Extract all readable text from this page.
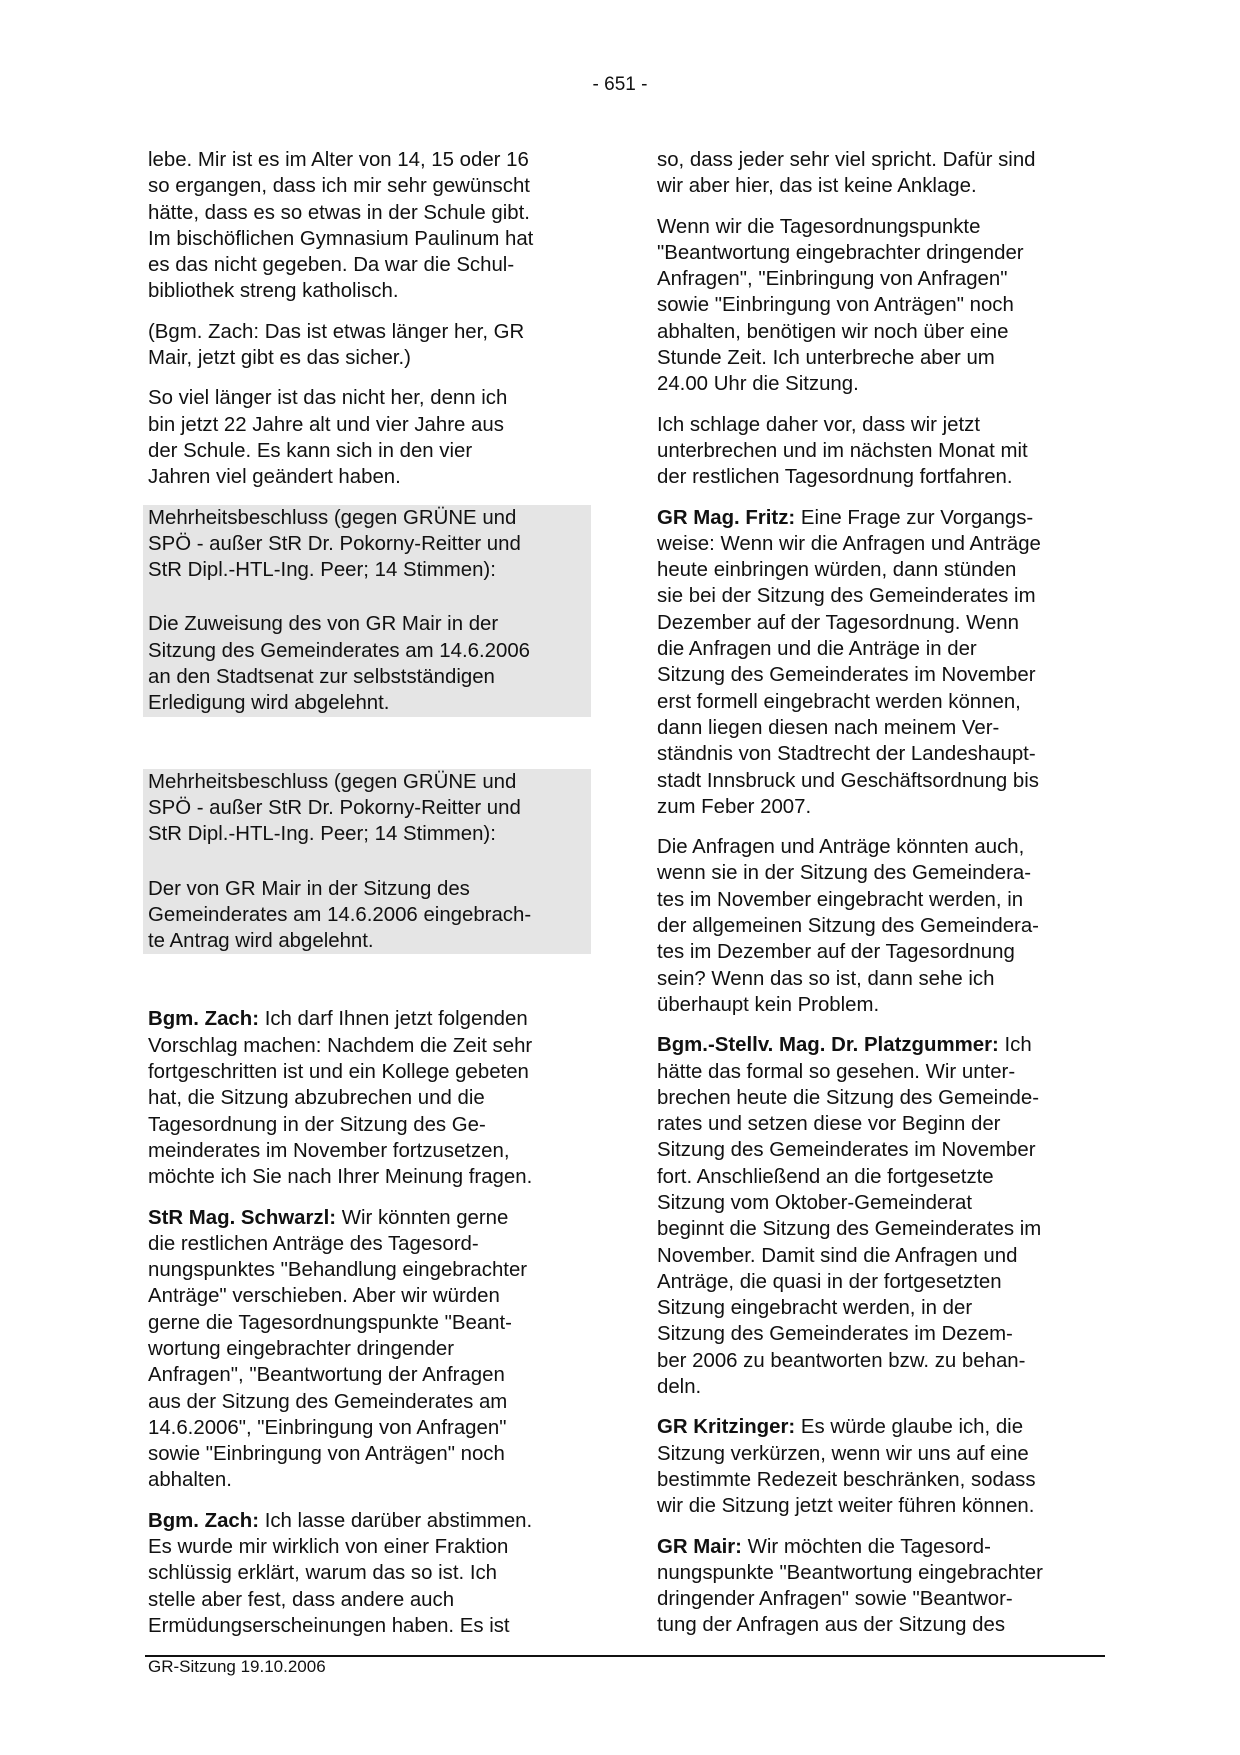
- 651 -

lebe. Mir ist es im Alter von 14, 15 oder 16
so ergangen, dass ich mir sehr gewünscht
hätte, dass es so etwas in der Schule gibt.
Im bischöflichen Gymnasium Paulinum hat
es das nicht gegeben. Da war die Schul-
bibliothek streng katholisch.

(Bgm. Zach: Das ist etwas länger her, GR
Mair, jetzt gibt es das sicher.)

So viel länger ist das nicht her, denn ich
bin jetzt 22 Jahre alt und vier Jahre aus
der Schule. Es kann sich in den vier
Jahren viel geändert haben.

Mehrheitsbeschluss (gegen GRÜNE und
SPÖ - außer StR Dr. Pokorny-Reitter und
StR Dipl.-HTL-Ing. Peer; 14 Stimmen):

Die Zuweisung des von GR Mair in der
Sitzung des Gemeinderates am 14.6.2006
an den Stadtsenat zur selbstständigen
Erledigung wird abgelehnt.

Mehrheitsbeschluss (gegen GRÜNE und
SPÖ - außer StR Dr. Pokorny-Reitter und
StR Dipl.-HTL-Ing. Peer; 14 Stimmen):

Der von GR Mair in der Sitzung des
Gemeinderates am 14.6.2006 eingebrach-
te Antrag wird abgelehnt.

Bgm. Zach: Ich darf Ihnen jetzt folgenden
Vorschlag machen: Nachdem die Zeit sehr
fortgeschritten ist und ein Kollege gebeten
hat, die Sitzung abzubrechen und die
Tagesordnung in der Sitzung des Ge-
meinderates im November fortzusetzen,
möchte ich Sie nach Ihrer Meinung fragen.

StR Mag. Schwarzl: Wir könnten gerne
die restlichen Anträge des Tagesord-
nungspunktes "Behandlung eingebrachter
Anträge" verschieben. Aber wir würden
gerne die Tagesordnungspunkte "Beant-
wortung eingebrachter dringender
Anfragen", "Beantwortung der Anfragen
aus der Sitzung des Gemeinderates am
14.6.2006", "Einbringung von Anfragen"
sowie "Einbringung von Anträgen" noch
abhalten.

Bgm. Zach: Ich lasse darüber abstimmen.
Es wurde mir wirklich von einer Fraktion
schlüssig erklärt, warum das so ist. Ich
stelle aber fest, dass andere auch
Ermüdungserscheinungen haben. Es ist

so, dass jeder sehr viel spricht. Dafür sind
wir aber hier, das ist keine Anklage.

Wenn wir die Tagesordnungspunkte
"Beantwortung eingebrachter dringender
Anfragen", "Einbringung von Anfragen"
sowie "Einbringung von Anträgen" noch
abhalten, benötigen wir noch über eine
Stunde Zeit. Ich unterbreche aber um
24.00 Uhr die Sitzung.

Ich schlage daher vor, dass wir jetzt
unterbrechen und im nächsten Monat mit
der restlichen Tagesordnung fortfahren.

GR Mag. Fritz: Eine Frage zur Vorgangs-
weise: Wenn wir die Anfragen und Anträge
heute einbringen würden, dann stünden
sie bei der Sitzung des Gemeinderates im
Dezember auf der Tagesordnung. Wenn
die Anfragen und die Anträge in der
Sitzung des Gemeinderates im November
erst formell eingebracht werden können,
dann liegen diesen nach meinem Ver-
ständnis von Stadtrecht der Landeshaupt-
stadt Innsbruck und Geschäftsordnung bis
zum Feber 2007.

Die Anfragen und Anträge könnten auch,
wenn sie in der Sitzung des Gemeindera-
tes im November eingebracht werden, in
der allgemeinen Sitzung des Gemeindera-
tes im Dezember auf der Tagesordnung
sein? Wenn das so ist, dann sehe ich
überhaupt kein Problem.

Bgm.-Stellv. Mag. Dr. Platzgummer: Ich
hätte das formal so gesehen. Wir unter-
brechen heute die Sitzung des Gemeinde-
rates und setzen diese vor Beginn der
Sitzung des Gemeinderates im November
fort. Anschließend an die fortgesetzte
Sitzung vom Oktober-Gemeinderat
beginnt die Sitzung des Gemeinderates im
November. Damit sind die Anfragen und
Anträge, die quasi in der fortgesetzten
Sitzung eingebracht werden, in der
Sitzung des Gemeinderates im Dezem-
ber 2006 zu beantworten bzw. zu behan-
deln.

GR Kritzinger: Es würde glaube ich, die
Sitzung verkürzen, wenn wir uns auf eine
bestimmte Redezeit beschränken, sodass
wir die Sitzung jetzt weiter führen können.

GR Mair: Wir möchten die Tagesord-
nungspunkte "Beantwortung eingebrachter
dringender Anfragen" sowie "Beantwor-
tung der Anfragen aus der Sitzung des

GR-Sitzung 19.10.2006
